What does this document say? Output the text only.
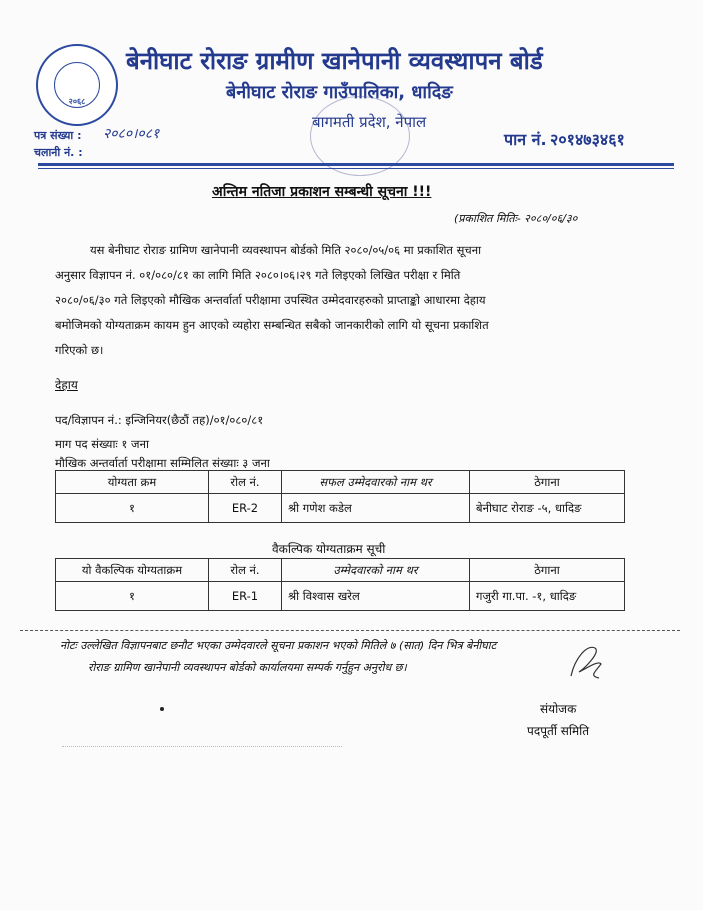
२०६८
बेनीघाट रोराङ ग्रामीण खानेपानी व्यवस्थापन बोर्ड
बेनीघाट रोराङ गाउँपालिका, धादिङ
बागमती प्रदेश, नेपाल
पत्र संख्या : २०८०।०८१
चलानी नं. :
पान नं. २०१४७३४६१
अन्तिम नतिजा प्रकाशन सम्बन्धी सूचना !!!
(प्रकाशित मितिः- २०८०/०६/३०
यस बेनीघाट रोराङ ग्रामिण खानेपानी व्यवस्थापन बोर्डको मिति २०८०/०५/०६ मा प्रकाशित सूचना
अनुसार विज्ञापन नं. ०१/०८०/८१ का लागि मिति २०८०।०६।२९ गते लिइएको लिखित परीक्षा र मिति
२०८०/०६/३० गते लिइएको मौखिक अन्तर्वार्ता परीक्षामा उपस्थित उम्मेदवारहरुको प्राप्ताङ्को आधारमा देहाय
बमोजिमको योग्यताक्रम कायम हुन आएको व्यहोरा सम्बन्धित सबैको जानकारीको लागि यो सूचना प्रकाशित
गरिएको छ।
देहाय
पद/विज्ञापन नं.: इन्जिनियर(छैठौं तह)/०१/०८०/८१
माग पद संख्याः १ जना
मौखिक अन्तर्वार्ता परीक्षामा सम्मिलित संख्याः ३ जना
योग्यता क्रम	रोल नं.	सफल उम्मेदवारको नाम थर	ठेगाना
१	ER-2	श्री गणेश कडेल	बेनीघाट रोराङ -५, धादिङ
वैकल्पिक योग्यताक्रम सूची
यो वैकल्पिक योग्यताक्रम	रोल नं.	उम्मेदवारको नाम थर	ठेगाना
१	ER-1	श्री विश्वास खरेल	गजुरी गा.पा. -१, धादिङ
नोटः उल्लेखित विज्ञापनबाट छनौट भएका उम्मेदवारले सूचना प्रकाशन भएको मितिले ७ (सात) दिन भित्र बेनीघाट
रोराङ ग्रामिण खानेपानी व्यवस्थापन बोर्डको कार्यालयमा सम्पर्क गर्नुहुन अनुरोध छ।
संयोजक
पदपूर्ती समिति
